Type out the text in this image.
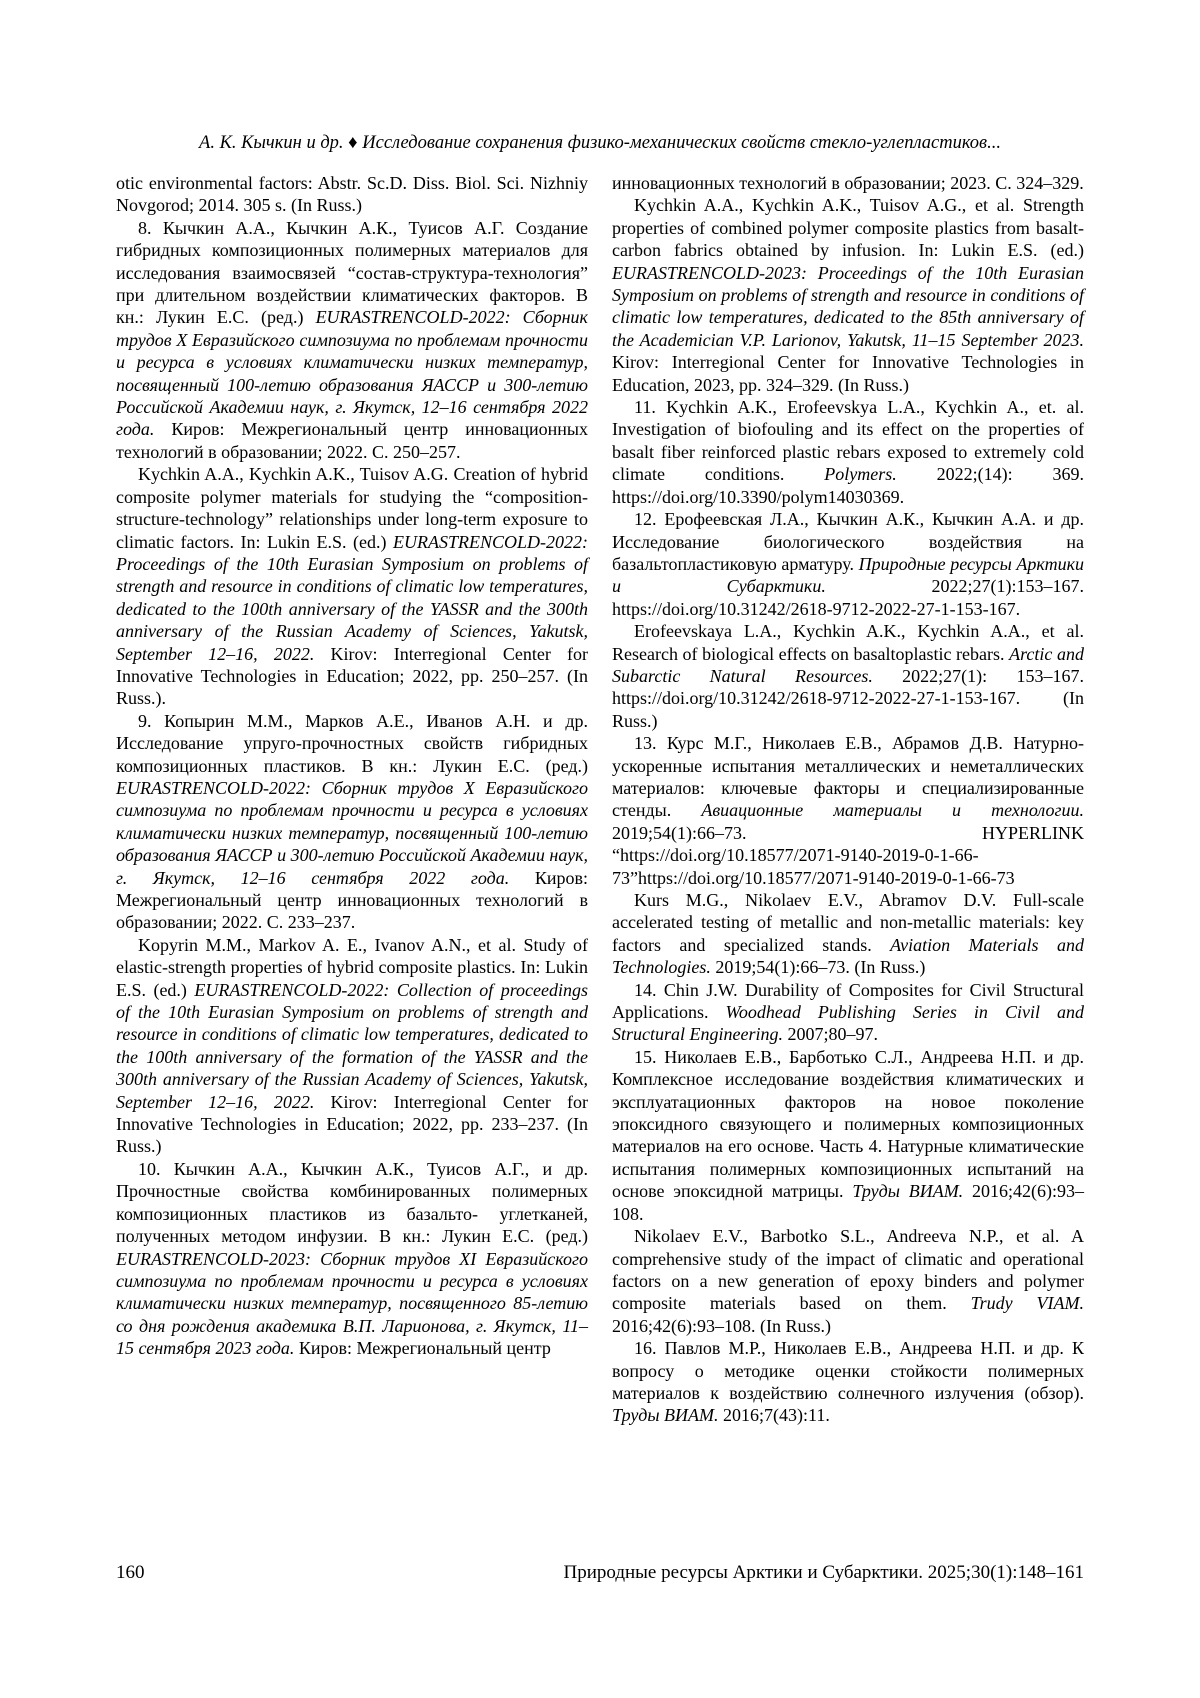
А. К. Кычкин и др. ♦ Исследование сохранения физико-механических свойств стекло-углепластиков...

otic environmental factors: Abstr. Sc.D. Diss. Biol. Sci. Nizhniy Novgorod; 2014. 305 s. (In Russ.)

8. Кычкин А.А., Кычкин А.К., Туисов А.Г. Создание гибридных композиционных полимерных материалов для исследования взаимосвязей “состав-структура-технология” при длительном воздействии климатических факторов. В кн.: Лукин Е.С. (ред.) EURASTRENCOLD-2022: Сборник трудов X Евразийского симпозиума по проблемам прочности и ресурса в условиях климатически низких температур, посвященный 100-летию образования ЯАССР и 300-летию Российской Академии наук, г. Якутск, 12–16 сентября 2022 года. Киров: Межрегиональный центр инновационных технологий в образовании; 2022. С. 250–257.

Kychkin A.A., Kychkin A.K., Tuisov A.G. Creation of hybrid composite polymer materials for studying the “composition-structure-technology” relationships under long-term exposure to climatic factors. In: Lukin E.S. (ed.) EURASTRENCOLD-2022: Proceedings of the 10th Eurasian Symposium on problems of strength and resource in conditions of climatic low temperatures, dedicated to the 100th anniversary of the YASSR and the 300th anniversary of the Russian Academy of Sciences, Yakutsk, September 12–16, 2022. Kirov: Interregional Center for Innovative Technologies in Education; 2022, pp. 250–257. (In Russ.).

9. Копырин М.М., Марков А.Е., Иванов А.Н. и др. Исследование упруго-прочностных свойств гибридных композиционных пластиков. В кн.: Лукин Е.С. (ред.) EURASTRENCOLD-2022: Сборник трудов X Евразийского симпозиума по проблемам прочности и ресурса в условиях климатически низких температур, посвященный 100-летию образования ЯАССР и 300-летию Российской Академии наук, г. Якутск, 12–16 сентября 2022 года. Киров: Межрегиональный центр инновационных технологий в образовании; 2022. С. 233–237.

Kopyrin M.M., Markov A. E., Ivanov A.N., et al. Study of elastic-strength properties of hybrid composite plastics. In: Lukin E.S. (ed.) EURASTRENCOLD-2022: Collection of proceedings of the 10th Eurasian Symposium on problems of strength and resource in conditions of climatic low temperatures, dedicated to the 100th anniversary of the formation of the YASSR and the 300th anniversary of the Russian Academy of Sciences, Yakutsk, September 12–16, 2022. Kirov: Interregional Center for Innovative Technologies in Education; 2022, pp. 233–237. (In Russ.)

10. Кычкин А.А., Кычкин А.К., Туисов А.Г., и др. Прочностные свойства комбинированных полимерных композиционных пластиков из базальто- углетканей, полученных методом инфузии. В кн.: Лукин Е.С. (ред.) EURASTRENCOLD-2023: Сборник трудов XI Евразийского симпозиума по проблемам прочности и ресурса в условиях климатически низких температур, посвященного 85-летию со дня рождения академика В.П. Ларионова, г. Якутск, 11–15 сентября 2023 года. Киров: Межрегиональный центр

инновационных технологий в образовании; 2023. С. 324–329.

Kychkin A.A., Kychkin A.K., Tuisov A.G., et al. Strength properties of combined polymer composite plastics from basalt-carbon fabrics obtained by infusion. In: Lukin E.S. (ed.) EURASTRENCOLD-2023: Proceedings of the 10th Eurasian Symposium on problems of strength and resource in conditions of climatic low temperatures, dedicated to the 85th anniversary of the Academician V.P. Larionov, Yakutsk, 11–15 September 2023. Kirov: Interregional Center for Innovative Technologies in Education, 2023, pp. 324–329. (In Russ.)

11. Kychkin A.K., Erofeevskya L.A., Kychkin A., et. al. Investigation of biofouling and its effect on the properties of basalt fiber reinforced plastic rebars exposed to extremely cold climate conditions. Polymers. 2022;(14): 369. https://doi.org/10.3390/polym14030369.

12. Ерофеевская Л.А., Кычкин А.К., Кычкин А.А. и др. Исследование биологического воздействия на базальтопластиковую арматуру. Природные ресурсы Арктики и Субарктики. 2022;27(1):153–167. https://doi.org/10.31242/2618-9712-2022-27-1-153-167.

Erofeevskaya L.A., Kychkin A.K., Kychkin A.A., et al. Research of biological effects on basaltoplastic rebars. Arctic and Subarctic Natural Resources. 2022;27(1): 153–167. https://doi.org/10.31242/2618-9712-2022-27-1-153-167. (In Russ.)

13. Курс М.Г., Николаев Е.В., Абрамов Д.В. Натурно-ускоренные испытания металлических и неметаллических материалов: ключевые факторы и специализированные стенды. Авиационные материалы и технологии. 2019;54(1):66–73. HYPERLINK “https://doi.org/10.18577/2071-9140-2019-0-1-66-73”https://doi.org/10.18577/2071-9140-2019-0-1-66-73

Kurs M.G., Nikolaev E.V., Abramov D.V. Full-scale accelerated testing of metallic and non-metallic materials: key factors and specialized stands. Aviation Materials and Technologies. 2019;54(1):66–73. (In Russ.)

14. Chin J.W. Durability of Composites for Civil Structural Applications. Woodhead Publishing Series in Civil and Structural Engineering. 2007;80–97.

15. Николаев Е.В., Барботько С.Л., Андреева Н.П. и др. Комплексное исследование воздействия климатических и эксплуатационных факторов на новое поколение эпоксидного связующего и полимерных композиционных материалов на его основе. Часть 4. Натурные климатические испытания полимерных композиционных испытаний на основе эпоксидной матрицы. Труды ВИАМ. 2016;42(6):93–108.

Nikolaev E.V., Barbotko S.L., Andreeva N.P., et al. A comprehensive study of the impact of climatic and operational factors on a new generation of epoxy binders and polymer composite materials based on them. Trudy VIAM. 2016;42(6):93–108. (In Russ.)

16. Павлов М.Р., Николаев Е.В., Андреева Н.П. и др. К вопросу о методике оценки стойкости полимерных материалов к воздействию солнечного излучения (обзор). Труды ВИАМ. 2016;7(43):11.

160	Природные ресурсы Арктики и Субарктики. 2025;30(1):148–161
